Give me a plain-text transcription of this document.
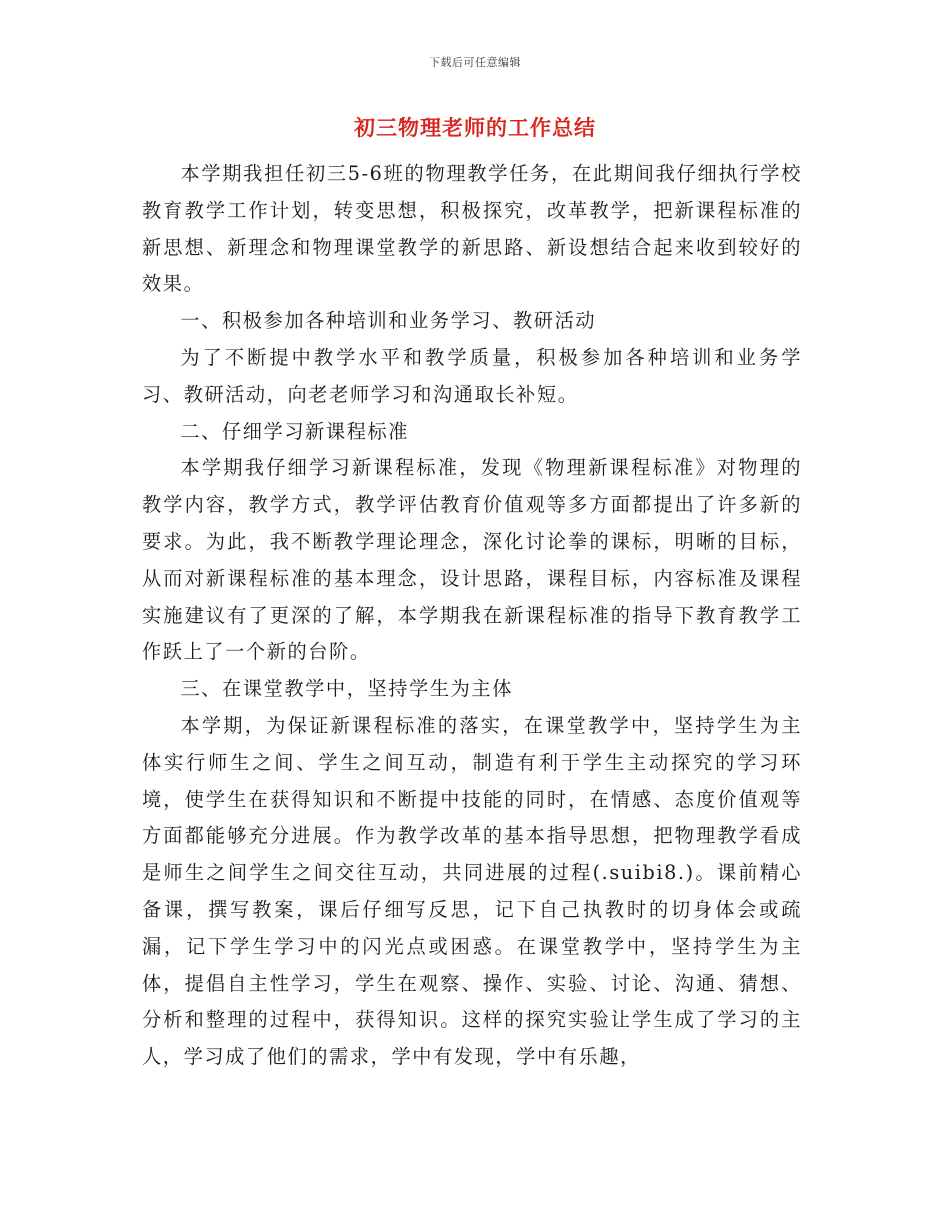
下载后可任意编辑
初三物理老师的工作总结

本学期我担任初三5-6班的物理教学任务，在此期间我仔细执行学校教育教学工作计划，转变思想，积极探究，改革教学，把新课程标准的新思想、新理念和物理课堂教学的新思路、新设想结合起来收到较好的效果。

一、积极参加各种培训和业务学习、教研活动

为了不断提中教学水平和教学质量，积极参加各种培训和业务学习、教研活动，向老老师学习和沟通取长补短。

二、仔细学习新课程标准

本学期我仔细学习新课程标准，发现《物理新课程标准》对物理的教学内容，教学方式，教学评估教育价值观等多方面都提出了许多新的要求。为此，我不断教学理论理念，深化讨论拳的课标，明晰的目标，从而对新课程标准的基本理念，设计思路，课程目标，内容标准及课程实施建议有了更深的了解，本学期我在新课程标准的指导下教育教学工作跃上了一个新的台阶。

三、在课堂教学中，坚持学生为主体

本学期，为保证新课程标准的落实，在课堂教学中，坚持学生为主体实行师生之间、学生之间互动，制造有利于学生主动探究的学习环境，使学生在获得知识和不断提中技能的同时，在情感、态度价值观等方面都能够充分进展。作为教学改革的基本指导思想，把物理教学看成是师生之间学生之间交往互动，共同进展的过程(.suibi8.)。课前精心备课，撰写教案，课后仔细写反思，记下自己执教时的切身体会或疏漏，记下学生学习中的闪光点或困惑。在课堂教学中，坚持学生为主体，提倡自主性学习，学生在观察、操作、实验、讨论、沟通、猜想、分析和整理的过程中，获得知识。这样的探究实验让学生成了学习的主人，学习成了他们的需求，学中有发现，学中有乐趣，
